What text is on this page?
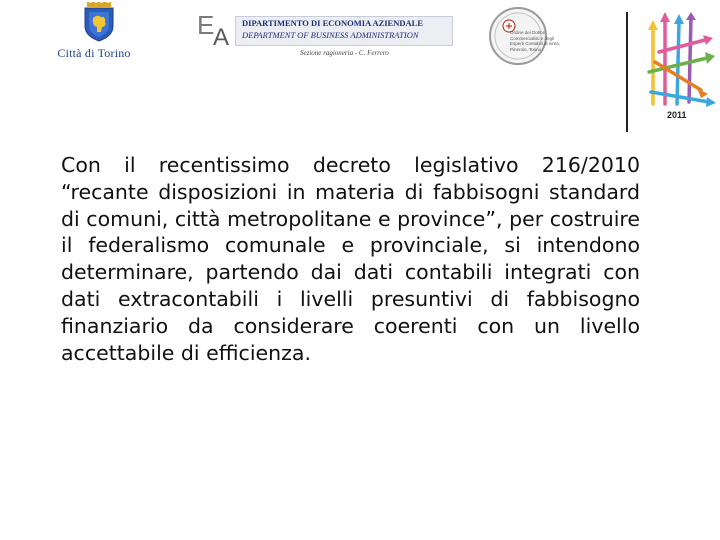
Città di Torino
E
A
DIPARTIMENTO DI ECONOMIA AZIENDALE
DEPARTMENT OF BUSINESS ADMINISTRATION
Sezione ragioneria - C. Ferrero
Ordine dei Dottori Commercialisti e degli Esperti Contabili di Ivrea, Pinerolo, Torino
2011

Con il recentissimo decreto legislativo 216/2010 “recante disposizioni in materia di fabbisogni standard di comuni, città metropolitane e province”, per costruire il federalismo comunale e provinciale, si intendono determinare, partendo dai dati contabili integrati con dati extracontabili i livelli presuntivi di fabbisogno finanziario da considerare coerenti con un livello accettabile di efficienza.
